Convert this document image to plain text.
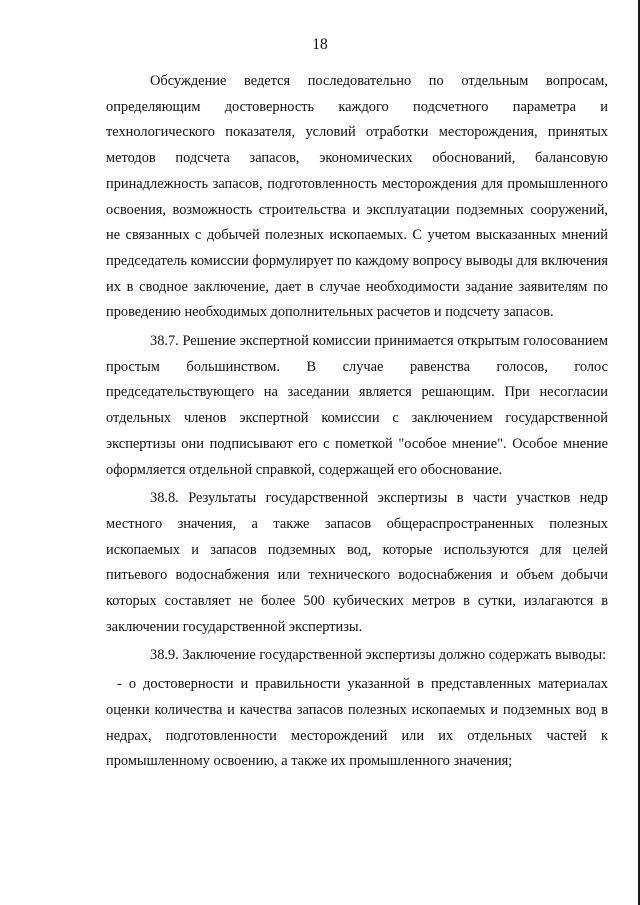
18

Обсуждение ведется последовательно по отдельным вопросам, определяющим достоверность каждого подсчетного параметра и технологического показателя, условий отработки месторождения, принятых методов подсчета запасов, экономических обоснований, балансовую принадлежность запасов, подготовленность месторождения для промышленного освоения, возможность строительства и эксплуатации подземных сооружений, не связанных с добычей полезных ископаемых. С учетом высказанных мнений председатель комиссии формулирует по каждому вопросу выводы для включения их в сводное заключение, дает в случае необходимости задание заявителям по проведению необходимых дополнительных расчетов и подсчету запасов.

38.7. Решение экспертной комиссии принимается открытым голосованием простым большинством. В случае равенства голосов, голос председательствующего на заседании является решающим. При несогласии отдельных членов экспертной комиссии с заключением государственной экспертизы они подписывают его с пометкой "особое мнение". Особое мнение оформляется отдельной справкой, содержащей его обоснование.

38.8. Результаты государственной экспертизы в части участков недр местного значения, а также запасов общераспространенных полезных ископаемых и запасов подземных вод, которые используются для целей питьевого водоснабжения или технического водоснабжения и объем добычи которых составляет не более 500 кубических метров в сутки, излагаются в заключении государственной экспертизы.

38.9. Заключение государственной экспертизы должно содержать выводы:

- о достоверности и правильности указанной в представленных материалах оценки количества и качества запасов полезных ископаемых и подземных вод в недрах, подготовленности месторождений или их отдельных частей к промышленному освоению, а также их промышленного значения;
